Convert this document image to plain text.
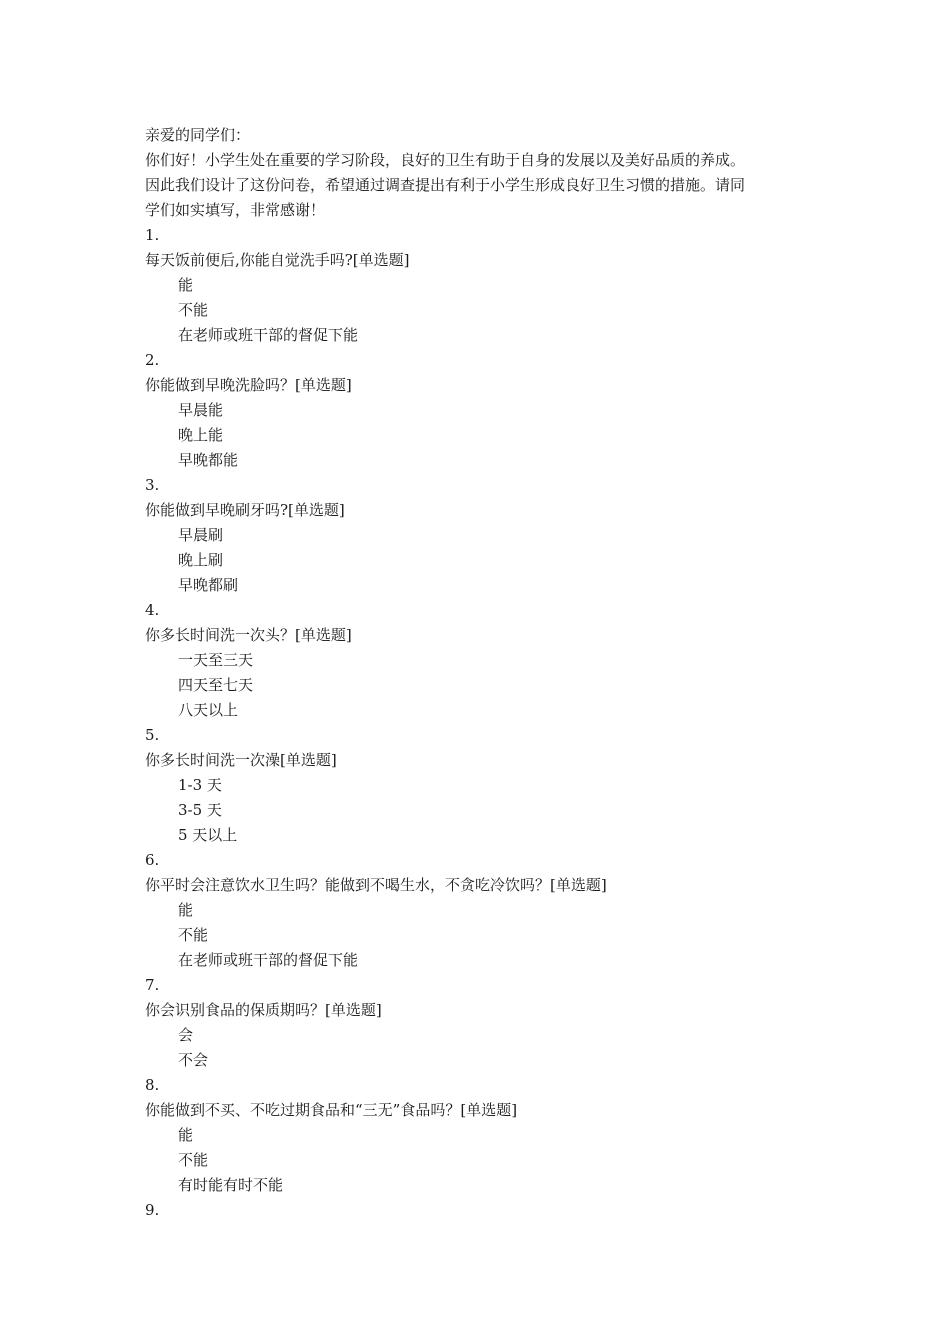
亲爱的同学们：
你们好！小学生处在重要的学习阶段，良好的卫生有助于自身的发展以及美好品质的养成。
因此我们设计了这份问卷，希望通过调查提出有利于小学生形成良好卫生习惯的措施。请同
学们如实填写，非常感谢！
1.
每天饭前便后,你能自觉洗手吗?[单选题]
能
不能
在老师或班干部的督促下能
2.
你能做到早晚洗脸吗？[单选题]
早晨能
晚上能
早晚都能
3.
你能做到早晚刷牙吗?[单选题]
早晨刷
晚上刷
早晚都刷
4.
你多长时间洗一次头？[单选题]
一天至三天
四天至七天
八天以上
5.
你多长时间洗一次澡[单选题]
1-3 天
3-5 天
5 天以上
6.
你平时会注意饮水卫生吗？能做到不喝生水，不贪吃冷饮吗？[单选题]
能
不能
在老师或班干部的督促下能
7.
你会识别食品的保质期吗？[单选题]
会
不会
8.
你能做到不买、不吃过期食品和“三无”食品吗？[单选题]
能
不能
有时能有时不能
9.
